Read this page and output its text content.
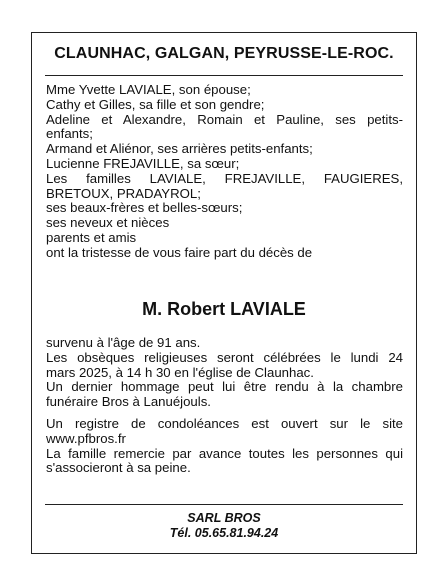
CLAUNHAC, GALGAN, PEYRUSSE-LE-ROC.
Mme Yvette LAVIALE, son épouse;
Cathy et Gilles, sa fille et son gendre;
Adeline et Alexandre, Romain et Pauline, ses petits-
enfants;
Armand et Aliénor, ses arrières petits-enfants;
Lucienne FREJAVILLE, sa sœur;
Les familles LAVIALE, FREJAVILLE, FAUGIERES,
BRETOUX, PRADAYROL;
ses beaux-frères et belles-sœurs;
ses neveux et nièces
parents et amis
ont la tristesse de vous faire part du décès de
M. Robert LAVIALE
survenu à l'âge de 91 ans.
Les obsèques religieuses seront célébrées le lundi 24
mars 2025, à 14 h 30 en l'église de Claunhac.
Un dernier hommage peut lui être rendu à la chambre
funéraire Bros à Lanuéjouls.
Un registre de condoléances est ouvert sur le site
www.pfbros.fr
La famille remercie par avance toutes les personnes qui
s'associeront à sa peine.
SARL BROS
Tél. 05.65.81.94.24
